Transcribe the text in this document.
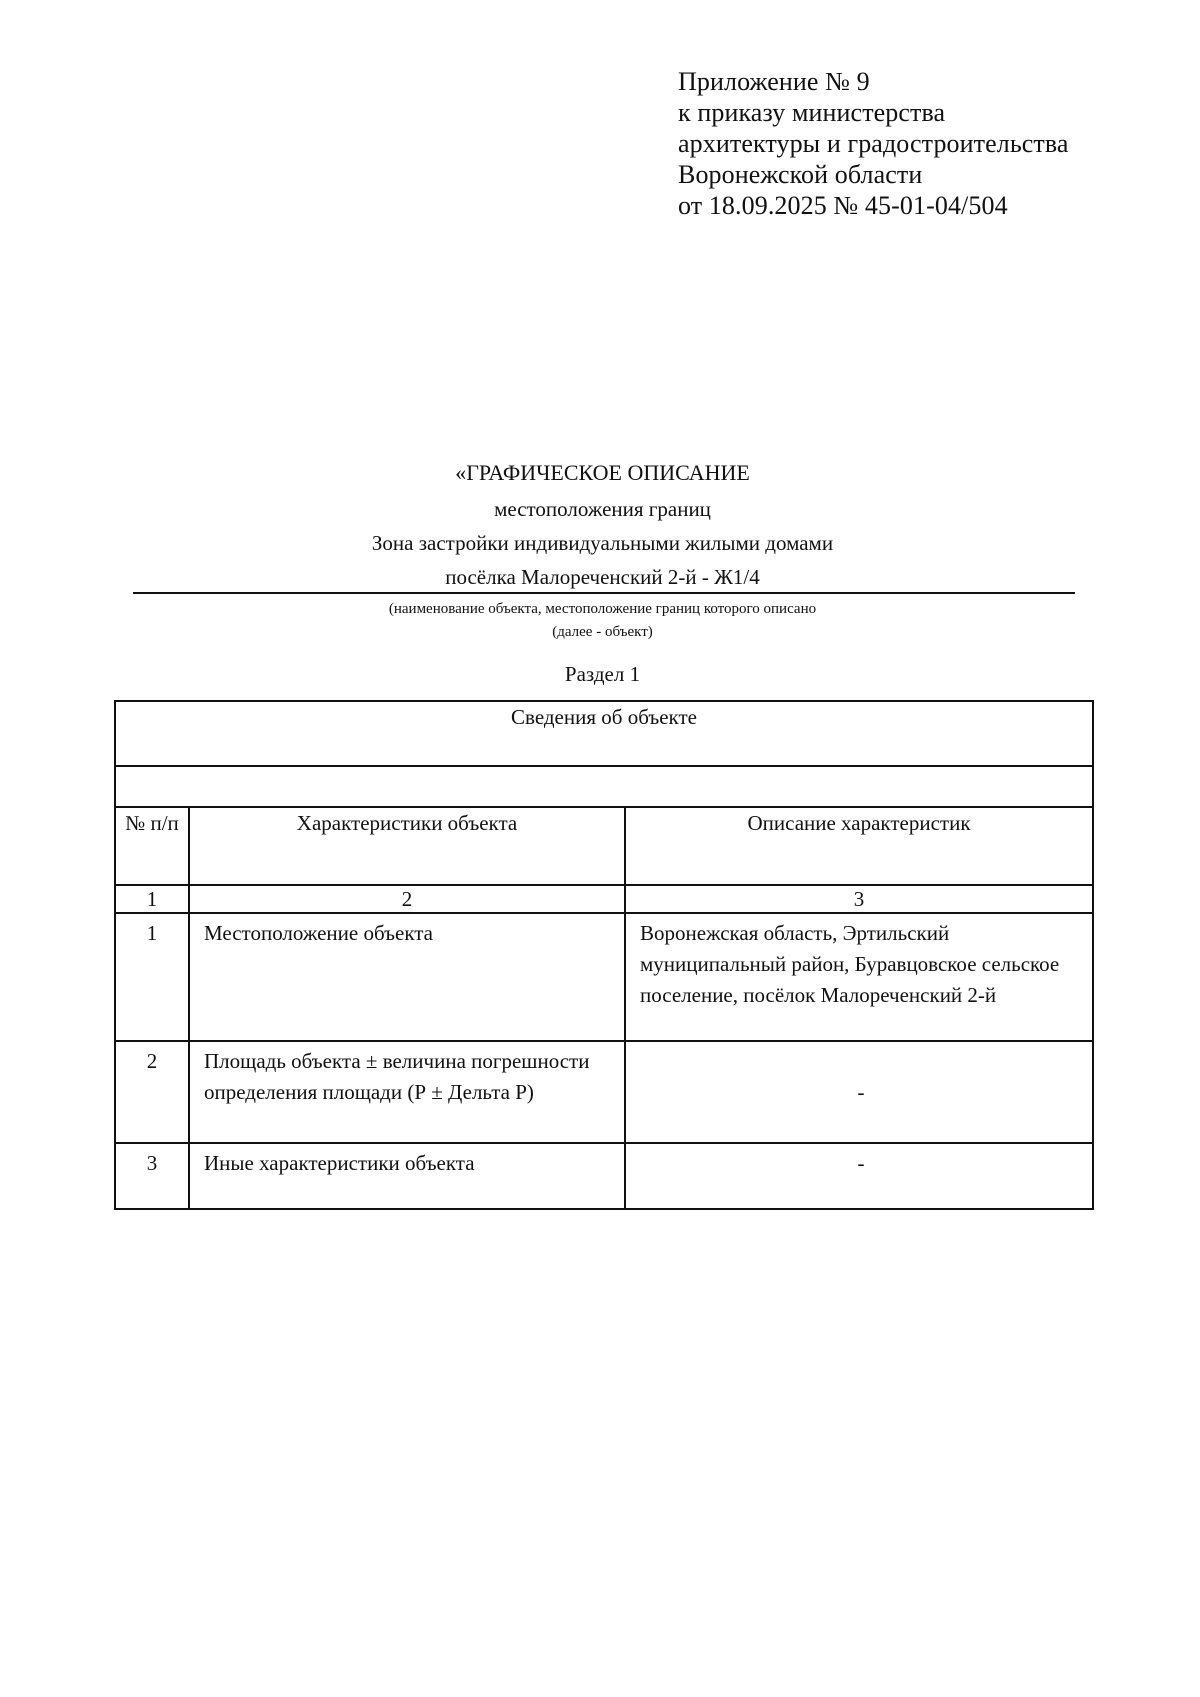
Приложение № 9
к приказу министерства
архитектуры и градостроительства
Воронежской области
от 18.09.2025 № 45-01-04/504
«ГРАФИЧЕСКОЕ ОПИСАНИЕ
местоположения границ
Зона застройки индивидуальными жилыми домами
посёлка Малореченский 2-й - Ж1/4
(наименование объекта, местоположение границ которого описано
(далее - объект)
Раздел 1
Сведения об объекте		

№ п/п	Характеристики объекта	Описание характеристик
1	2	3
1	Местоположение объекта	Воронежская область, Эртильский муниципальный район, Буравцовское сельское поселение, посёлок Малореченский 2-й
2	Площадь объекта ± величина погрешности определения площади (Р ± Дельта Р)	-
3	Иные характеристики объекта	-
